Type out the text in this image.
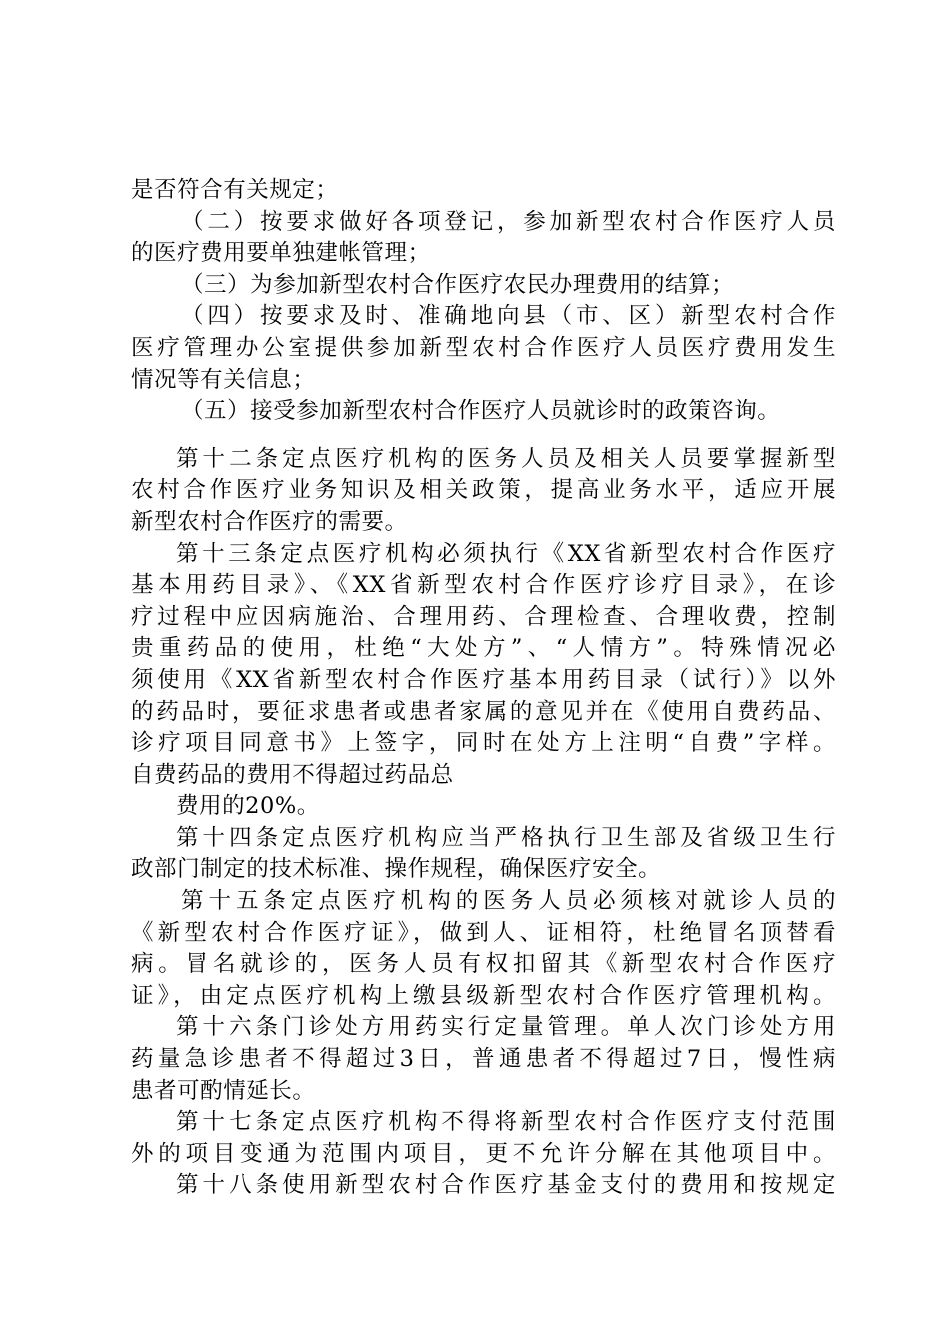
是否符合有关规定；
（二）按要求做好各项登记，参加新型农村合作医疗人员
的医疗费用要单独建帐管理；
（三）为参加新型农村合作医疗农民办理费用的结算；
（四）按要求及时、准确地向县（市、区）新型农村合作
医疗管理办公室提供参加新型农村合作医疗人员医疗费用发生
情况等有关信息；
（五）接受参加新型农村合作医疗人员就诊时的政策咨询。
第十二条定点医疗机构的医务人员及相关人员要掌握新型
农村合作医疗业务知识及相关政策，提高业务水平，适应开展
新型农村合作医疗的需要。
第十三条定点医疗机构必须执行《XX省新型农村合作医疗
基本用药目录》、《XX省新型农村合作医疗诊疗目录》，在诊
疗过程中应因病施治、合理用药、合理检查、合理收费，控制
贵重药品的使用，杜绝“大处方”、“人情方”。特殊情况必
须使用《XX省新型农村合作医疗基本用药目录（试行）》以外
的药品时，要征求患者或患者家属的意见并在《使用自费药品、
诊疗项目同意书》上签字，同时在处方上注明“自费”字样。
自费药品的费用不得超过药品总
费用的20%。
第十四条定点医疗机构应当严格执行卫生部及省级卫生行
政部门制定的技术标准、操作规程，确保医疗安全。
第十五条定点医疗机构的医务人员必须核对就诊人员的
《新型农村合作医疗证》，做到人、证相符，杜绝冒名顶替看
病。冒名就诊的，医务人员有权扣留其《新型农村合作医疗
证》，由定点医疗机构上缴县级新型农村合作医疗管理机构。
第十六条门诊处方用药实行定量管理。单人次门诊处方用
药量急诊患者不得超过3日，普通患者不得超过7日，慢性病
患者可酌情延长。
第十七条定点医疗机构不得将新型农村合作医疗支付范围
外的项目变通为范围内项目，更不允许分解在其他项目中。
第十八条使用新型农村合作医疗基金支付的费用和按规定
